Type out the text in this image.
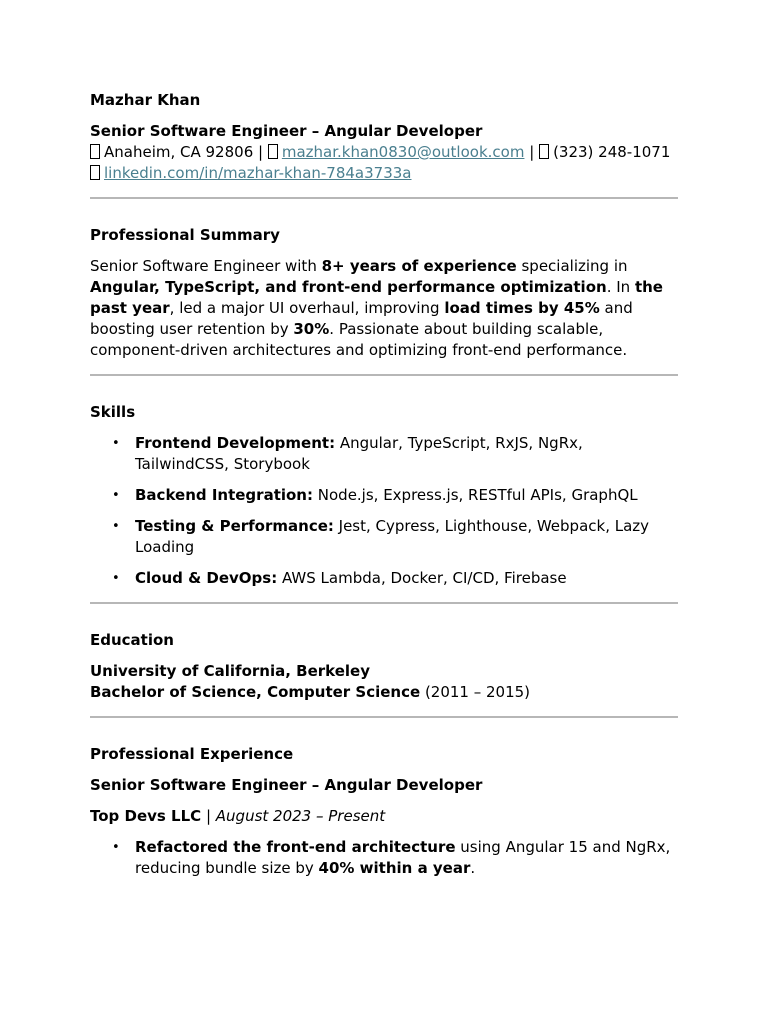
Mazhar Khan
Senior Software Engineer – Angular Developer
Anaheim, CA 92806 | mazhar.khan0830@outlook.com | (323) 248-1071
linkedin.com/in/mazhar-khan-784a3733a
Professional Summary

Senior Software Engineer with 8+ years of experience specializing in Angular, TypeScript, and front-end performance optimization. In the past year, led a major UI overhaul, improving load times by 45% and boosting user retention by 30%. Passionate about building scalable, component-driven architectures and optimizing front-end performance.

Skills
• Frontend Development: Angular, TypeScript, RxJS, NgRx, TailwindCSS, Storybook
• Backend Integration: Node.js, Express.js, RESTful APIs, GraphQL
• Testing & Performance: Jest, Cypress, Lighthouse, Webpack, Lazy Loading
• Cloud & DevOps: AWS Lambda, Docker, CI/CD, Firebase
Education

University of California, Berkeley

Bachelor of Science, Computer Science (2011 – 2015)

Professional Experience
Senior Software Engineer – Angular Developer
Top Devs LLC | August 2023 – Present
• Refactored the front-end architecture using Angular 15 and NgRx, reducing bundle size by 40% within a year.
